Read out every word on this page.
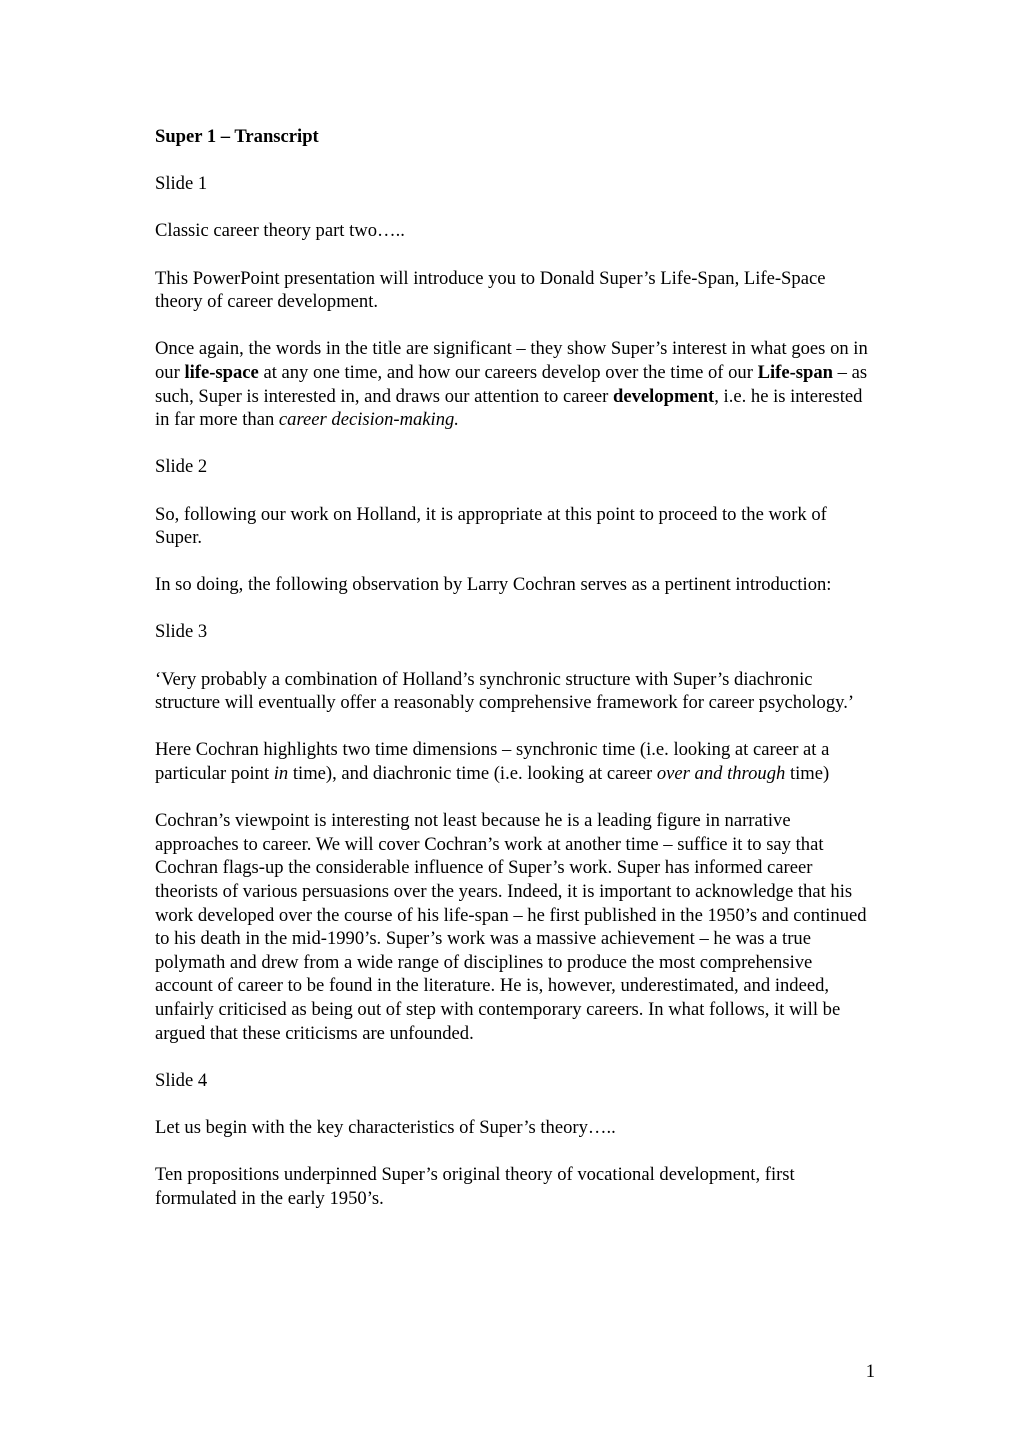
Super 1 – Transcript
Slide 1

Classic career theory part two…..

This PowerPoint presentation will introduce you to Donald Super’s Life-Span, Life-Space theory of career development.

Once again, the words in the title are significant – they show Super’s interest in what goes on in our life-space at any one time, and how our careers develop over the time of our Life-span – as such, Super is interested in, and draws our attention to career development, i.e. he is interested in far more than career decision-making.

Slide 2

So, following our work on Holland, it is appropriate at this point to proceed to the work of Super.

In so doing, the following observation by Larry Cochran serves as a pertinent introduction:

Slide 3

‘Very probably a combination of Holland’s synchronic structure with Super’s diachronic structure will eventually offer a reasonably comprehensive framework for career psychology.’

Here Cochran highlights two time dimensions – synchronic time (i.e. looking at career at a particular point in time), and diachronic time (i.e. looking at career over and through time)

Cochran’s viewpoint is interesting not least because he is a leading figure in narrative approaches to career. We will cover Cochran’s work at another time – suffice it to say that Cochran flags-up the considerable influence of Super’s work. Super has informed career theorists of various persuasions over the years. Indeed, it is important to acknowledge that his work developed over the course of his life-span – he first published in the 1950’s and continued to his death in the mid-1990’s. Super’s work was a massive achievement – he was a true polymath and drew from a wide range of disciplines to produce the most comprehensive account of career to be found in the literature. He is, however, underestimated, and indeed, unfairly criticised as being out of step with contemporary careers. In what follows, it will be argued that these criticisms are unfounded.

Slide 4

Let us begin with the key characteristics of Super’s theory…..

Ten propositions underpinned Super’s original theory of vocational development, first formulated in the early 1950’s.

1
